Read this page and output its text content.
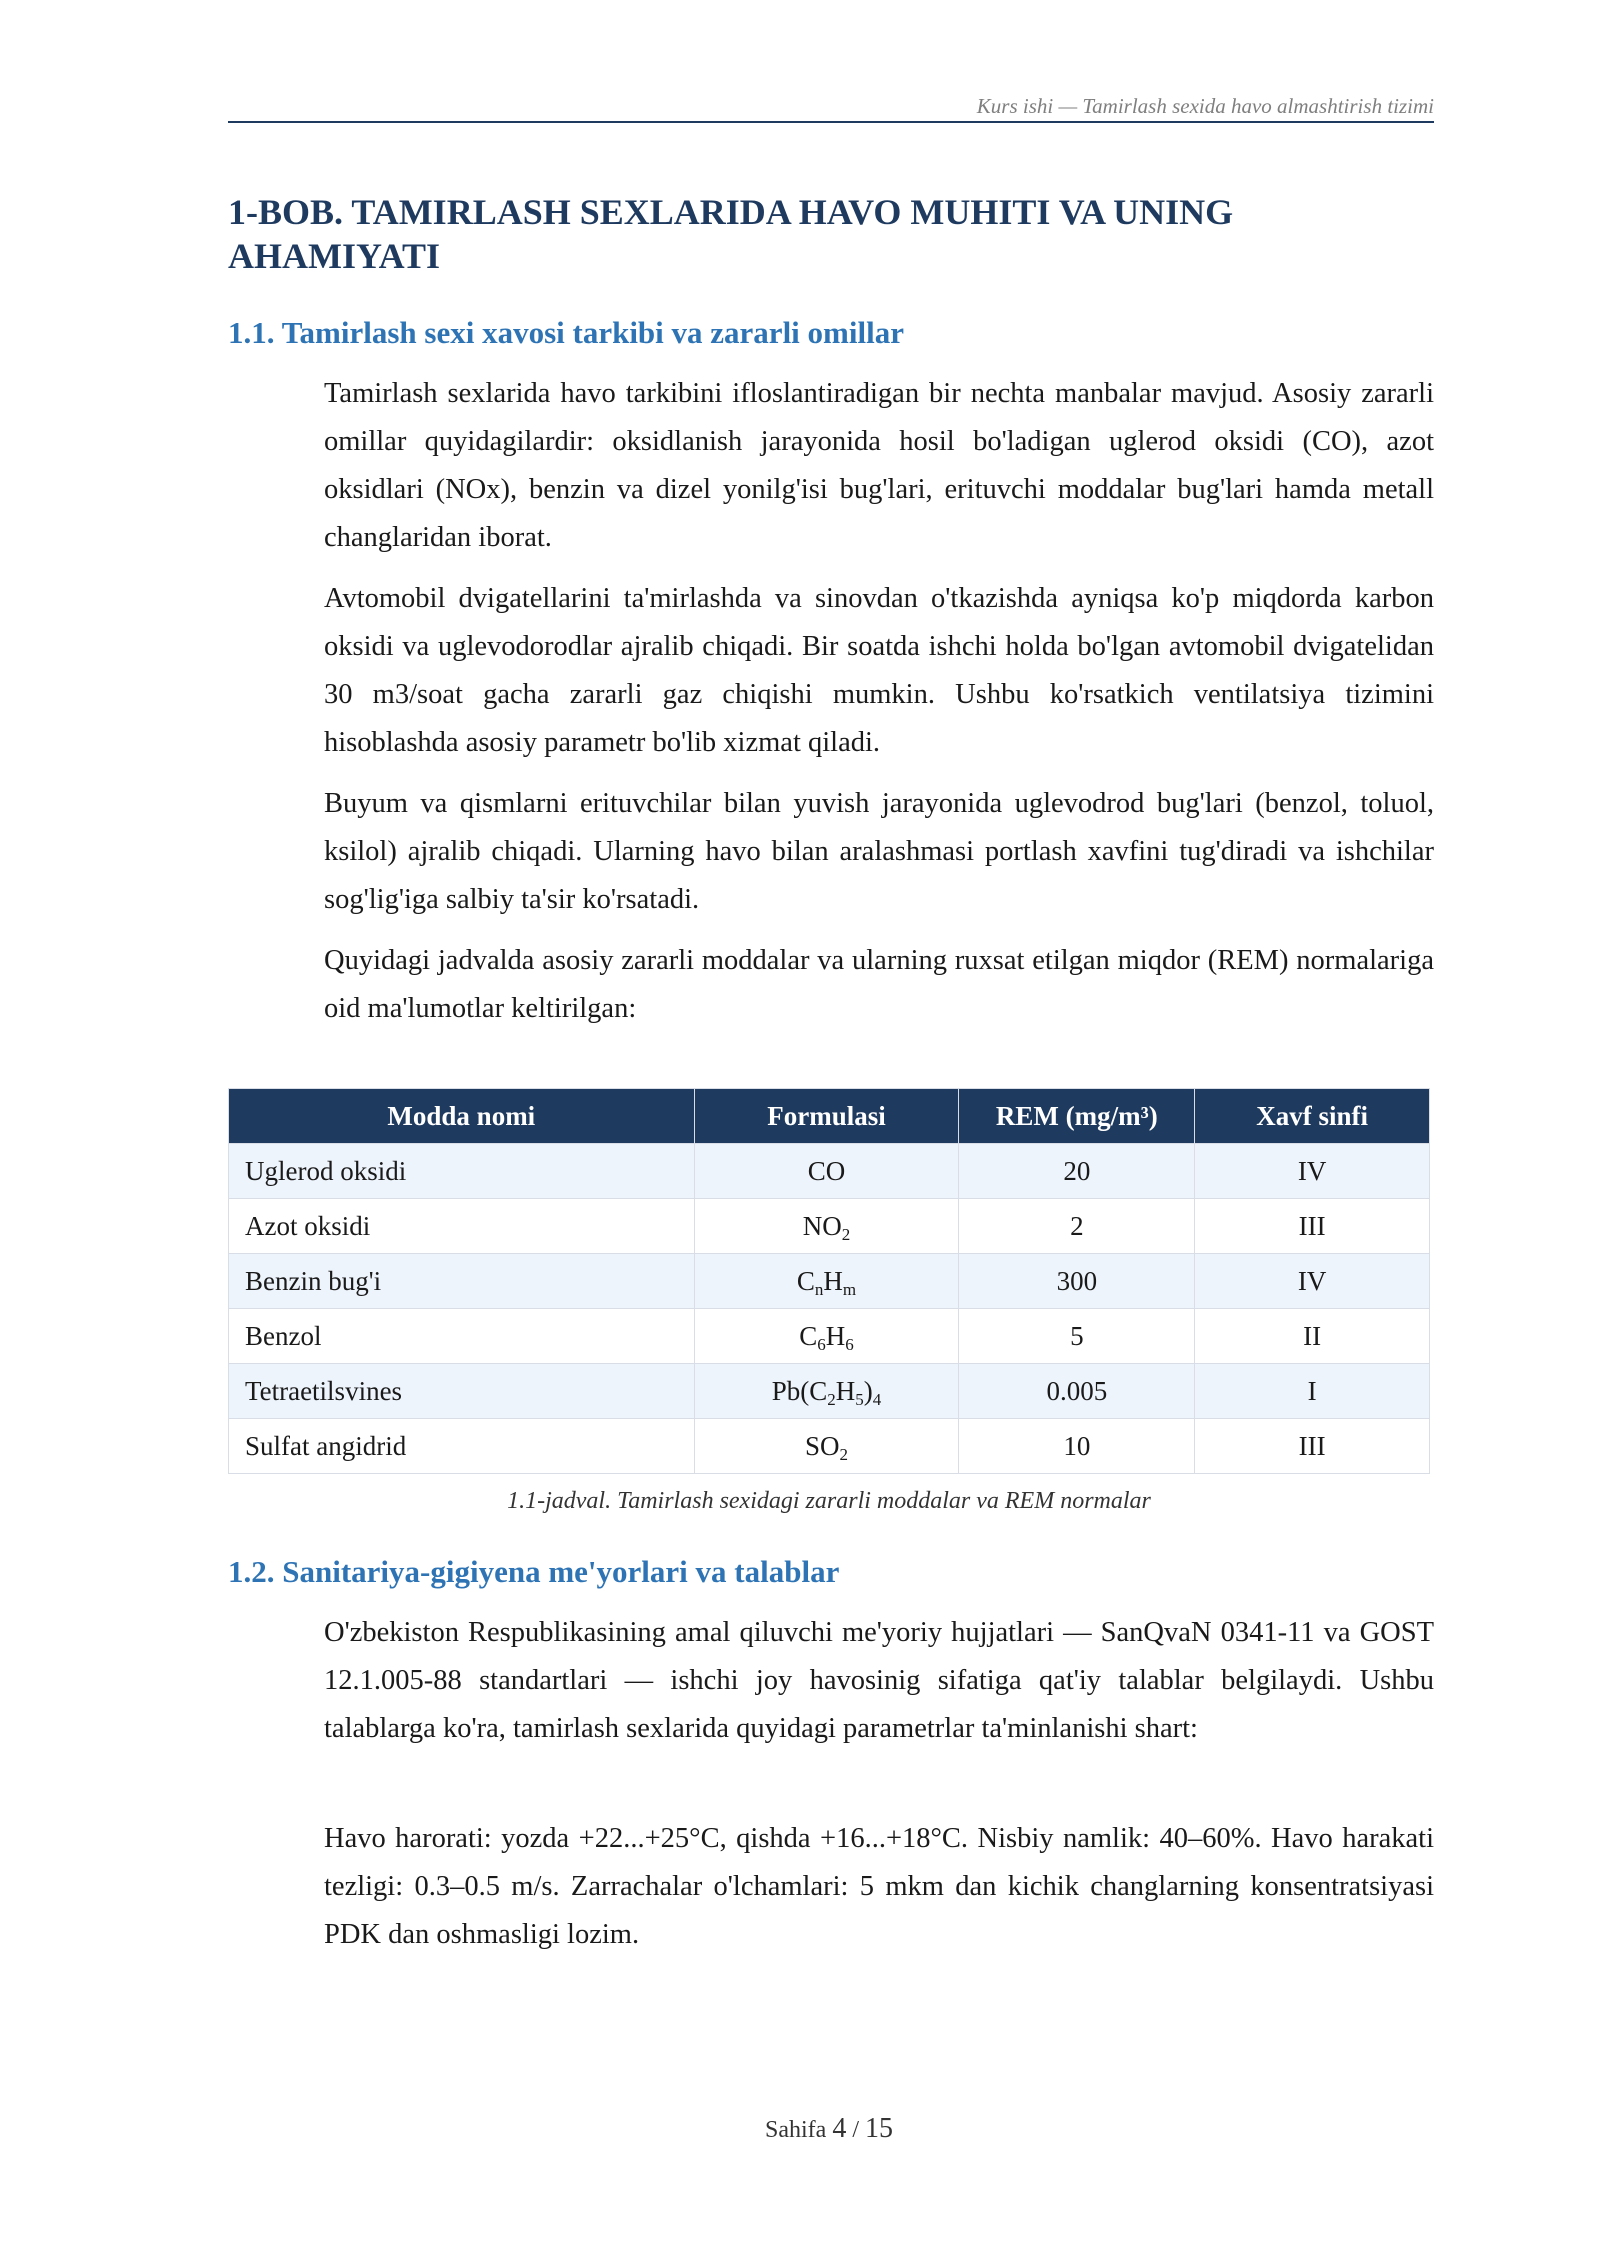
Kurs ishi — Tamirlash sexida havo almashtirish tizimi
1-BOB. TAMIRLASH SEXLARIDA HAVO MUHITI VA UNING AHAMIYATI
1.1. Tamirlash sexi xavosi tarkibi va zararli omillar

Tamirlash sexlarida havo tarkibini ifloslantiradigan bir nechta manbalar mavjud. Asosiy zararli omillar quyidagilardir: oksidlanish jarayonida hosil bo'ladigan uglerod oksidi (CO), azot oksidlari (NOx), benzin va dizel yonilg'isi bug'lari, erituvchi moddalar bug'lari hamda metall changlaridan iborat.

Avtomobil dvigatellarini ta'mirlashda va sinovdan o'tkazishda ayniqsa ko'p miqdorda karbon oksidi va uglevodorodlar ajralib chiqadi. Bir soatda ishchi holda bo'lgan avtomobil dvigatelidan 30 m3/soat gacha zararli gaz chiqishi mumkin. Ushbu ko'rsatkich ventilatsiya tizimini hisoblashda asosiy parametr bo'lib xizmat qiladi.

Buyum va qismlarni erituvchilar bilan yuvish jarayonida uglevodrod bug'lari (benzol, toluol, ksilol) ajralib chiqadi. Ularning havo bilan aralashmasi portlash xavfini tug'diradi va ishchilar sog'lig'iga salbiy ta'sir ko'rsatadi.

Quyidagi jadvalda asosiy zararli moddalar va ularning ruxsat etilgan miqdor (REM) normalariga oid ma'lumotlar keltirilgan:

Modda nomi	Formulasi	REM (mg/m³)	Xavf sinfi
Uglerod oksidi	CO	20	IV
Azot oksidi	$NO_2$	2	III
Benzin bug'i	$C_nH_m$	300	IV
Benzol	$C_6H_6$	5	II
Tetraetilsvines	$Pb(C_2H_5)_4$	0.005	I
Sulfat angidrid	$SO_2$	10	III
1.1-jadval. Tamirlash sexidagi zararli moddalar va REM normalar
1.2. Sanitariya-gigiyena me'yorlari va talablar

O'zbekiston Respublikasining amal qiluvchi me'yoriy hujjatlari — SanQvaN 0341-11 va GOST 12.1.005-88 standartlari — ishchi joy havosinig sifatiga qat'iy talablar belgilaydi. Ushbu talablarga ko'ra, tamirlash sexlarida quyidagi parametrlar ta'minlanishi shart:

Havo harorati: yozda +22...+25°C, qishda +16...+18°C. Nisbiy namlik: 40–60%. Havo harakati tezligi: 0.3–0.5 m/s. Zarrachalar o'lchamlari: 5 mkm dan kichik changlarning konsentratsiyasi PDK dan oshmasligi lozim.

Sahifa 4 / 15
